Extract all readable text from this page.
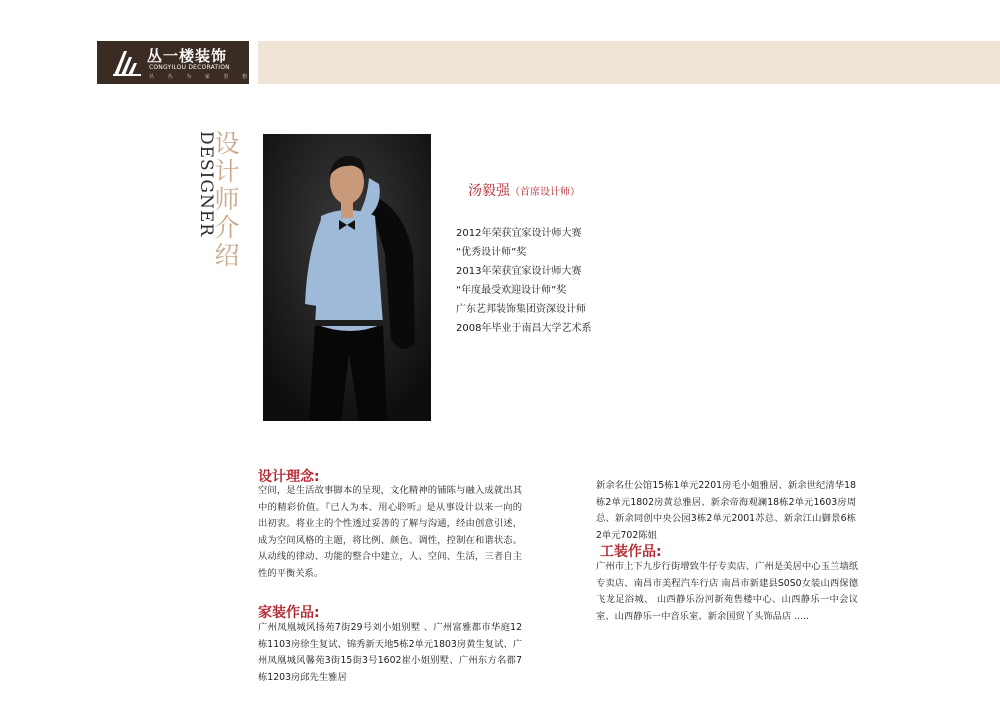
丛一楼装饰
CONGYILOU DECORATION
丛 丛 为 家 着 想
DESIGNER
设计师介绍	汤毅强（首席设计师）
2012年荣获宜家设计师大赛
“优秀设计师”奖
2013年荣获宜家设计师大赛
“年度最受欢迎设计师”奖
广东艺邦装饰集团资深设计师
2008年毕业于南昌大学艺术系
设计理念:
空间，是生活故事脚本的呈现，文化精神的铺陈与融入成就出其中的精彩价值。『已人为本、用心聆听』是从事设计以来一向的出初衷。将业主的个性透过妥善的了解与沟通，经由创意引述，成为空间风格的主题，将比例、颜色、调性，控制在和谐状态。从动线的律动、功能的整合中建立，人、空间、生活，三者自主性的平衡关系。
家装作品:
广州凤凰城风扬苑7街29号刘小姐别墅 、广州富雅都市华庭12栋1103房徐生复试、锦秀新天地5栋2单元1803房黄生复试、广州凤凰城风馨苑3街15街3号1602崔小姐别墅、广州东方名都7栋1203房邱先生雅居
新余名仕公馆15栋1单元2201房毛小姐雅居、新余世纪清华18栋2单元1802房黄总雅居、新余帝海观澜18栋2单元1603房周总、新余同创中央公园3栋2单元2001苏总、新余江山御景6栋2单元702陈姐
工装作品:
广州市上下九步行街增致牛仔专卖店、广州是美居中心玉兰墙纸专卖店、南昌市美程汽车行店 南昌市新建县S0S0女装山西保德飞龙足浴城、 山西静乐汾河新苑售楼中心、山西静乐一中会议室、山西静乐一中音乐室、新余国贸丫头饰品店 .....
